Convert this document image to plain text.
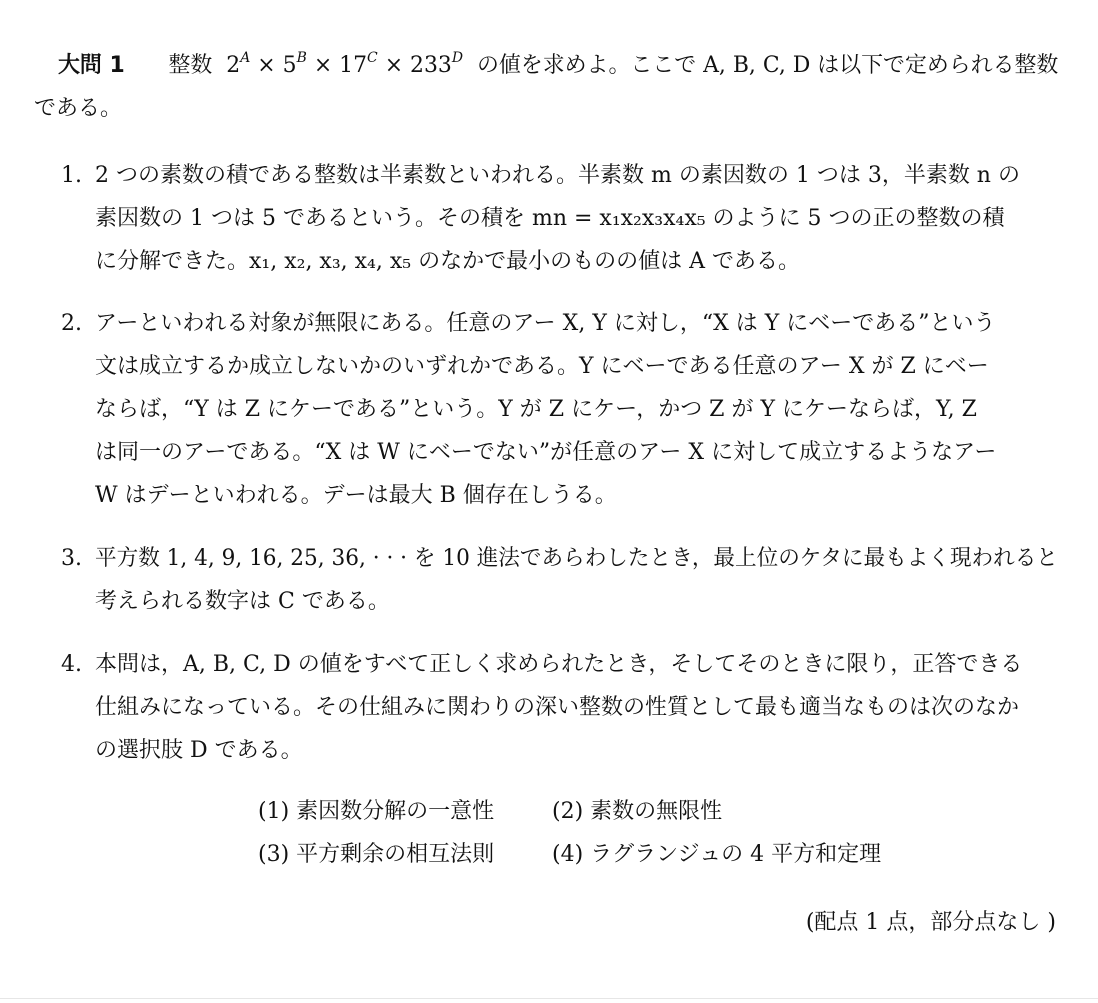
大問 1 整数 $2^A \times 5^B \times 17^C \times 233^D$ の値を求めよ。ここで A, B, C, D は以下で定められる整数
である。
1. 2 つの素数の積である整数は半素数といわれる。半素数 m の素因数の 1 つは 3，半素数 n の
素因数の 1 つは 5 であるという。その積を mn = x₁x₂x₃x₄x₅ のように 5 つの正の整数の積
に分解できた。x₁, x₂, x₃, x₄, x₅ のなかで最小のものの値は A である。
2. アーといわれる対象が無限にある。任意のアー X, Y に対し，“X は Y にベーである”という
文は成立するか成立しないかのいずれかである。Y にベーである任意のアー X が Z にベー
ならば，“Y は Z にケーである”という。Y が Z にケー，かつ Z が Y にケーならば，Y, Z
は同一のアーである。“X は W にベーでない”が任意のアー X に対して成立するようなアー
W はデーといわれる。デーは最大 B 個存在しうる。
3. 平方数 1, 4, 9, 16, 25, 36, · · · を 10 進法であらわしたとき，最上位のケタに最もよく現われると
考えられる数字は C である。
4. 本問は，A, B, C, D の値をすべて正しく求められたとき，そしてそのときに限り，正答できる
仕組みになっている。その仕組みに関わりの深い整数の性質として最も適当なものは次のなか
の選択肢 D である。
(1) 素因数分解の一意性	(2) 素数の無限性
(3) 平方剰余の相互法則	(4) ラグランジュの 4 平方和定理
(配点 1 点，部分点なし )
